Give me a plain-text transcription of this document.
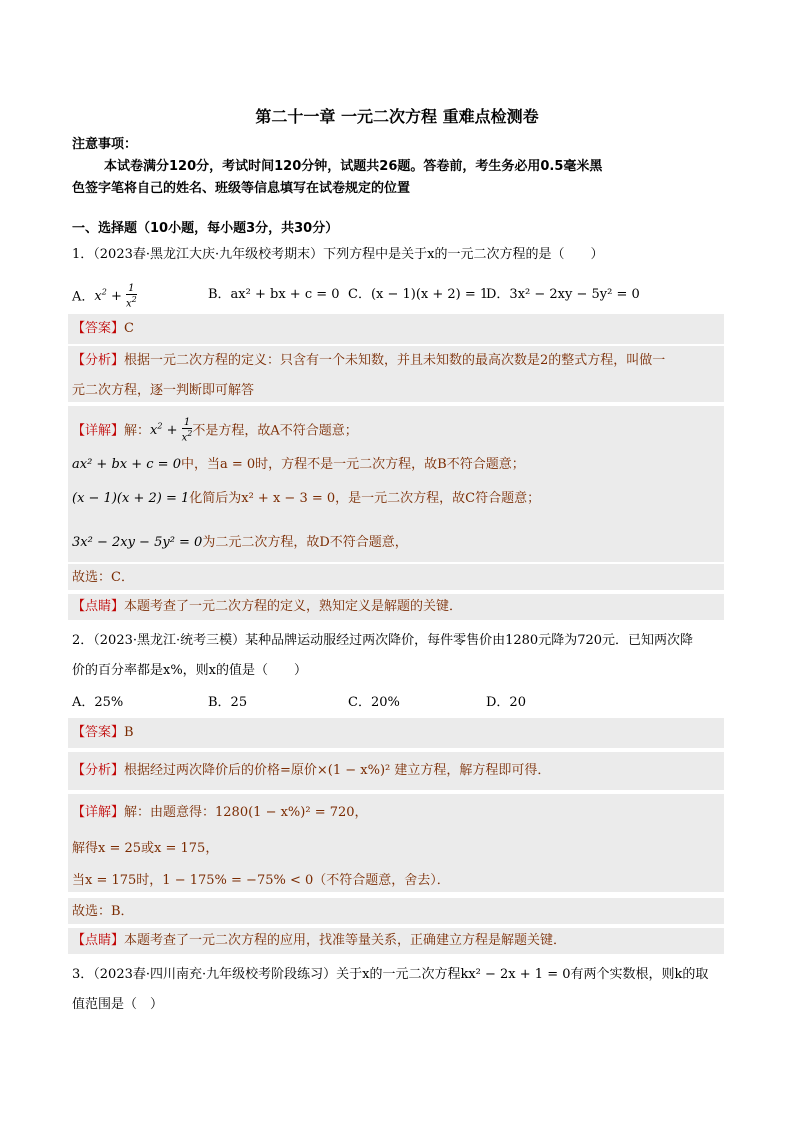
第二十一章 一元二次方程 重难点检测卷
注意事项：
本试卷满分120分，考试时间120分钟，试题共26题。答卷前，考生务必用0.5毫米黑
色签字笔将自己的姓名、班级等信息填写在试卷规定的位置
一、选择题（10小题，每小题3分，共30分）
1．（2023春·黑龙江大庆·九年级校考期末）下列方程中是关于x的一元二次方程的是（　　）
A．$x^2 + \frac{1}{x^2}$	B．ax² + bx + c = 0 C．(x − 1)(x + 2) = 1
D．3x² − 2xy − 5y² = 0
【答案】C
【分析】根据一元二次方程的定义：只含有一个未知数，并且未知数的最高次数是2的整式方程，叫做一
元二次方程，逐一判断即可解答
【详解】解：$x^2 + \frac{1}{x^2}$ 不是方程，故A不符合题意；
ax² + bx + c = 0中，当a = 0时，方程不是一元二次方程，故B不符合题意；
(x − 1)(x + 2) = 1化简后为x² + x − 3 = 0，是一元二次方程，故C符合题意；
3x² − 2xy − 5y² = 0为二元二次方程，故D不符合题意，
故选：C．
【点睛】本题考查了一元二次方程的定义，熟知定义是解题的关键．
2．（2023·黑龙江·统考三模）某种品牌运动服经过两次降价，每件零售价由1280元降为720元．已知两次降
价的百分率都是x%，则x的值是（　　）
A．25%	B．25	C．20%	D．20
【答案】B
【分析】根据经过两次降价后的价格=原价×(1 − x%)² 建立方程，解方程即可得．
【详解】解：由题意得：1280(1 − x%)² = 720，
解得x = 25或x = 175，
当x = 175时，1 − 175% = −75% < 0（不符合题意，舍去）．
故选：B．
【点睛】本题考查了一元二次方程的应用，找准等量关系，正确建立方程是解题关键．
3．（2023春·四川南充·九年级校考阶段练习）关于x的一元二次方程kx² − 2x + 1 = 0有两个实数根，则k的取
值范围是（　）
